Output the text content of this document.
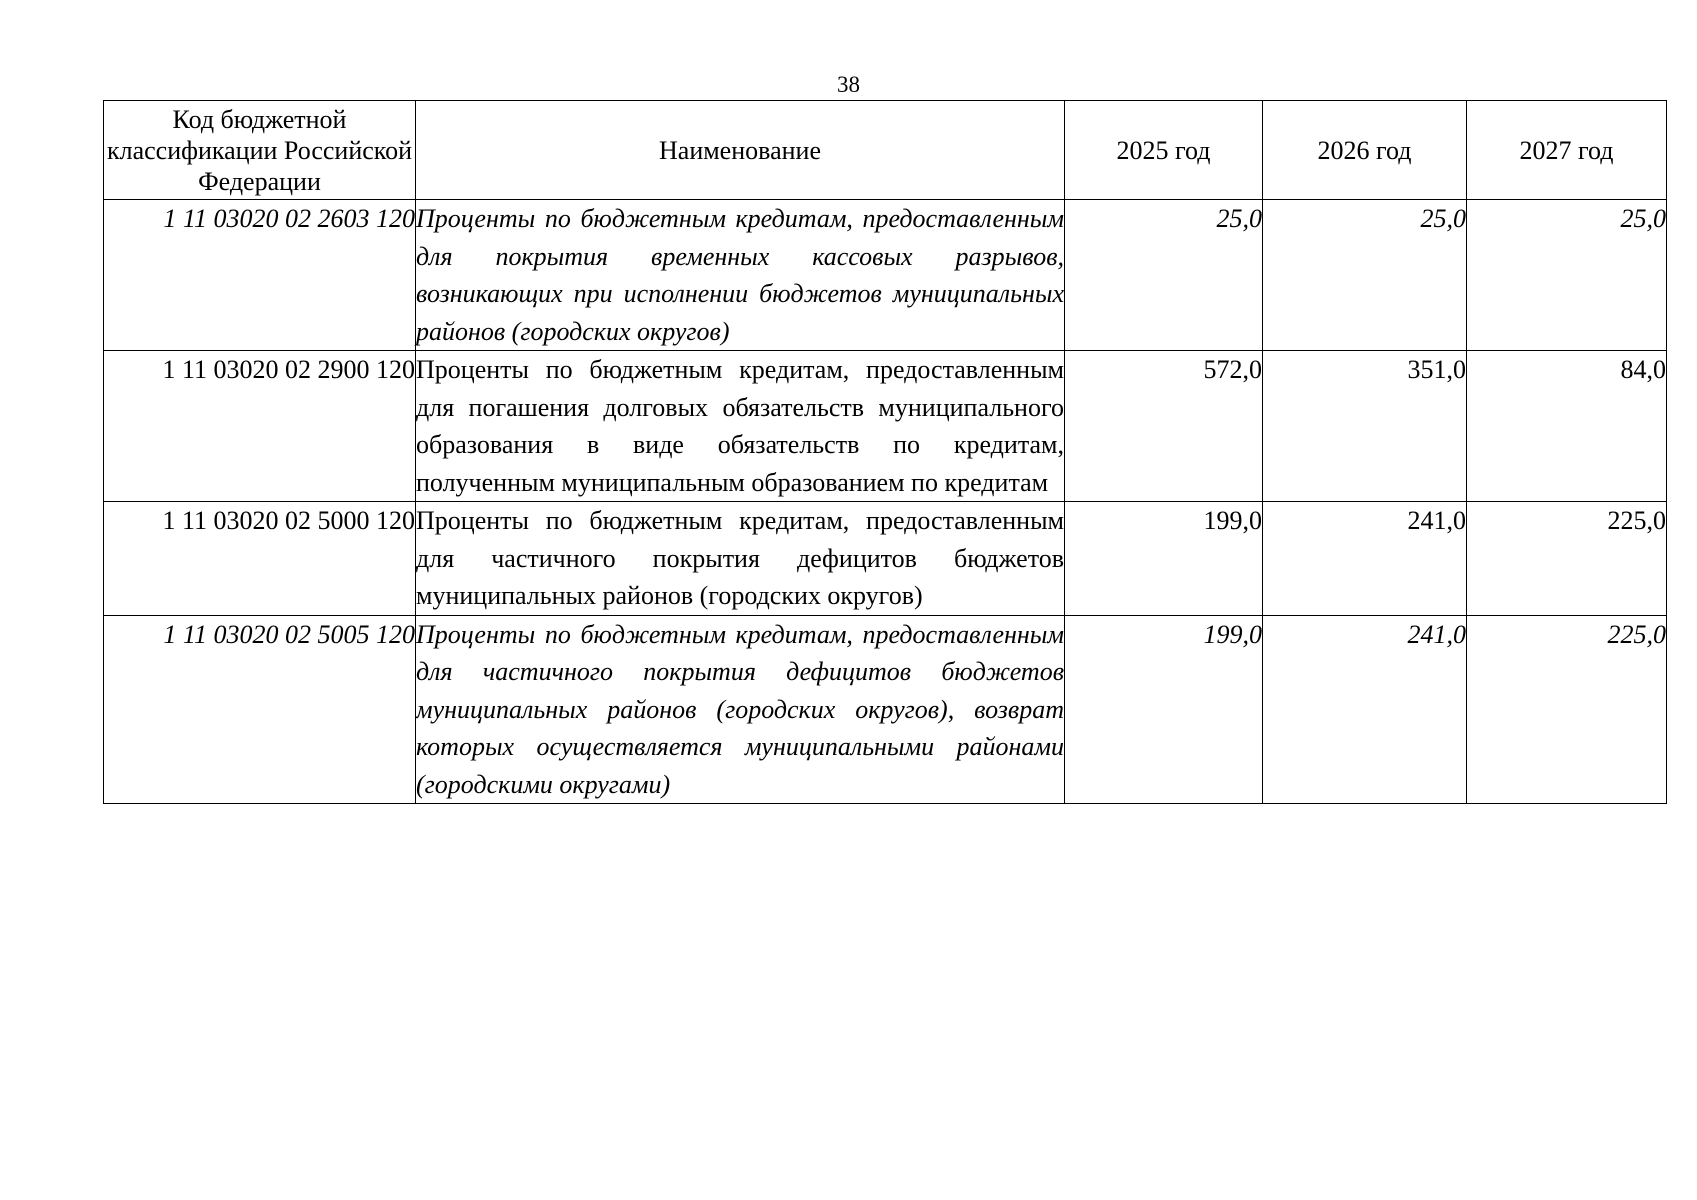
38
Код бюджетной классификации Российской Федерации	Наименование	2025 год	2026 год	2027 год
1 11 03020 02 2603 120	Проценты по бюджетным кредитам, предоставленным для покрытия временных кассовых разрывов, возникающих при исполнении бюджетов муниципальных районов (городских округов)	25,0	25,0	25,0
1 11 03020 02 2900 120	Проценты по бюджетным кредитам, предоставленным для погашения долговых обязательств муниципального образования в виде обязательств по кредитам, полученным муниципальным образованием по кредитам	572,0	351,0	84,0
1 11 03020 02 5000 120	Проценты по бюджетным кредитам, предоставленным для частичного покрытия дефицитов бюджетов муниципальных районов (городских округов)	199,0	241,0	225,0
1 11 03020 02 5005 120	Проценты по бюджетным кредитам, предоставленным для частичного покрытия дефицитов бюджетов муниципальных районов (городских округов), возврат которых осуществляется муниципальными районами (городскими округами)	199,0	241,0	225,0
